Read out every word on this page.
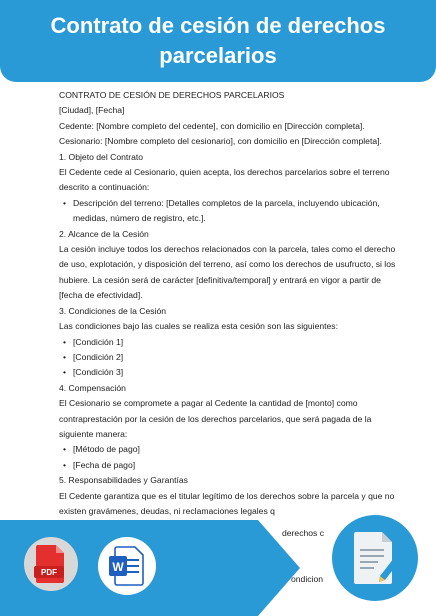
Contrato de cesión de derechos parcelarios

CONTRATO DE CESIÓN DE DERECHOS PARCELARIOS

[Ciudad], [Fecha]

Cedente: [Nombre completo del cedente], con domicilio en [Dirección completa].

Cesionario: [Nombre completo del cesionario], con domicilio en [Dirección completa].

1. Objeto del Contrato

El Cedente cede al Cesionario, quien acepta, los derechos parcelarios sobre el terreno descrito a continuación:

• Descripción del terreno: [Detalles completos de la parcela, incluyendo ubicación, medidas, número de registro, etc.].

2. Alcance de la Cesión

La cesión incluye todos los derechos relacionados con la parcela, tales como el derecho de uso, explotación, y disposición del terreno, así como los derechos de usufructo, si los hubiere. La cesión será de carácter [definitiva/temporal] y entrará en vigor a partir de [fecha de efectividad].

3. Condiciones de la Cesión

Las condiciones bajo las cuales se realiza esta cesión son las siguientes:

• [Condición 1]
• [Condición 2]
• [Condición 3]

4. Compensación

El Cesionario se compromete a pagar al Cedente la cantidad de [monto] como contraprestación por la cesión de los derechos parcelarios, que será pagada de la siguiente manera:

• [Método de pago]
• [Fecha de pago]

5. Responsabilidades y Garantías

El Cedente garantiza que es el titular legítimo de los derechos sobre la parcela y que no existen gravámenes, deudas, ni reclamaciones legales q

derechos c
ondicion
PDF	W
